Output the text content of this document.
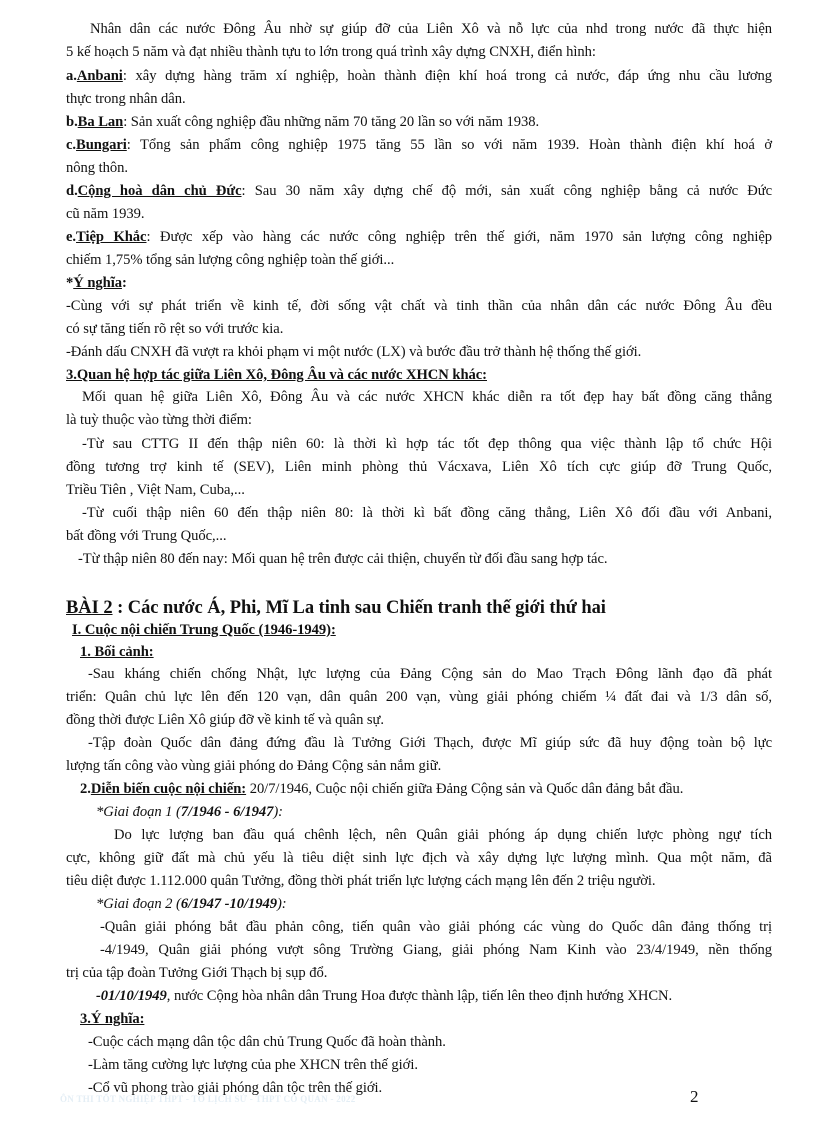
Nhân dân các nước Đông Âu nhờ sự giúp đỡ của Liên Xô và nỗ lực của nhd trong nước đã thực hiện
5 kế hoạch 5 năm và đạt nhiều thành tựu to lớn trong quá trình xây dựng CNXH, điển hình:
a.Anbani: xây dựng hàng trăm xí nghiệp, hoàn thành điện khí hoá trong cả nước, đáp ứng nhu cầu lương
thực trong nhân dân.
b.Ba Lan: Sản xuất công nghiệp đầu những năm 70 tăng 20 lần so với năm 1938.
c.Bungari: Tổng sản phẩm công nghiệp 1975 tăng 55 lần so với năm 1939. Hoàn thành điện khí hoá ở
nông thôn.
d.Cộng hoà dân chủ Đức: Sau 30 năm xây dựng chế độ mới, sản xuất công nghiệp bằng cả nước Đức
cũ năm 1939.
e.Tiệp Khắc: Được xếp vào hàng các nước công nghiệp trên thế giới, năm 1970 sản lượng công nghiệp
chiếm 1,75% tổng sản lượng công nghiệp toàn thế giới...
*Ý nghĩa:
-Cùng với sự phát triển về kinh tế, đời sống vật chất và tinh thần của nhân dân các nước Đông Âu đều
có sự tăng tiến rõ rệt so với trước kia.
-Đánh dấu CNXH đã vượt ra khỏi phạm vi một nước (LX) và bước đầu trở thành hệ thống thế giới.
3.Quan hệ hợp tác giữa Liên Xô, Đông Âu và các nước XHCN khác:
Mối quan hệ giữa Liên Xô, Đông Âu và các nước XHCN khác diễn ra tốt đẹp hay bất đồng căng thẳng
là tuỳ thuộc vào từng thời điểm:
-Từ sau CTTG II đến thập niên 60: là thời kì hợp tác tốt đẹp thông qua việc thành lập tổ chức Hội
đồng tương trợ kinh tế (SEV), Liên minh phòng thủ Vácxava, Liên Xô tích cực giúp đỡ Trung Quốc,
Triều Tiên , Việt Nam, Cuba,...
-Từ cuối thập niên 60 đến thập niên 80: là thời kì bất đồng căng thẳng, Liên Xô đối đầu với Anbani,
bất đồng với Trung Quốc,...
-Từ thập niên 80 đến nay: Mối quan hệ trên được cải thiện, chuyển từ đối đầu sang hợp tác.
BÀI 2 : Các nước Á, Phi, Mĩ La tinh sau Chiến tranh thế giới thứ hai
I. Cuộc nội chiến Trung Quốc (1946-1949):
1. Bối cảnh:
-Sau kháng chiến chống Nhật, lực lượng của Đảng Cộng sản do Mao Trạch Đông lãnh đạo đã phát
triển: Quân chủ lực lên đến 120 vạn, dân quân 200 vạn, vùng giải phóng chiếm ¼ đất đai và 1/3 dân số,
đồng thời được Liên Xô giúp đỡ về kinh tế và quân sự.
-Tập đoàn Quốc dân đảng đứng đầu là Tưởng Giới Thạch, được Mĩ giúp sức đã huy động toàn bộ lực
lượng tấn công vào vùng giải phóng do Đảng Cộng sản nắm giữ.
2.Diễn biến cuộc nội chiến: 20/7/1946, Cuộc nội chiến giữa Đảng Cộng sản và Quốc dân đảng bắt đầu.
*Giai đoạn 1 (7/1946 - 6/1947):
Do lực lượng ban đầu quá chênh lệch, nên Quân giải phóng áp dụng chiến lược phòng ngự tích
cực, không giữ đất mà chủ yếu là tiêu diệt sinh lực địch và xây dựng lực lượng mình. Qua một năm, đã
tiêu diệt được 1.112.000 quân Tưởng, đồng thời phát triển lực lượng cách mạng lên đến 2 triệu người.
*Giai đoạn 2 (6/1947 -10/1949):
-Quân giải phóng bắt đầu phản công, tiến quân vào giải phóng các vùng do Quốc dân đảng thống trị
-4/1949, Quân giải phóng vượt sông Trường Giang, giải phóng Nam Kinh vào 23/4/1949, nền thống
trị của tập đoàn Tưởng Giới Thạch bị sụp đổ.
-01/10/1949, nước Cộng hòa nhân dân Trung Hoa được thành lập, tiến lên theo định hướng XHCN.
3.Ý nghĩa:
-Cuộc cách mạng dân tộc dân chủ Trung Quốc đã hoàn thành.
-Làm tăng cường lực lượng của phe XHCN trên thế giới.
-Cổ vũ phong trào giải phóng dân tộc trên thế giới.
ÔN THI TỐT NGHIỆP THPT - TỔ LỊCH SỬ - THPT CỔ QUAN - 2022	2
